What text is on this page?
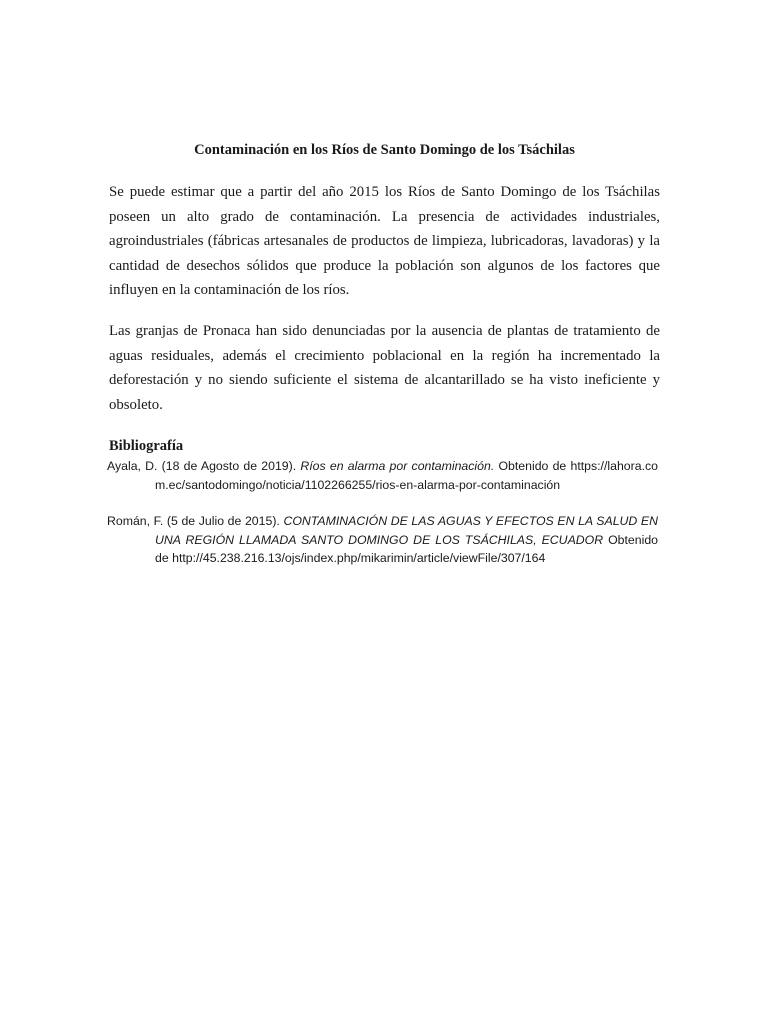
Contaminación en los Ríos de Santo Domingo de los Tsáchilas

Se puede estimar que a partir del año 2015 los Ríos de Santo Domingo de los Tsáchilas poseen un alto grado de contaminación. La presencia de actividades industriales, agroindustriales (fábricas artesanales de productos de limpieza, lubricadoras, lavadoras) y la cantidad de desechos sólidos que produce la población son algunos de los factores que influyen en la contaminación de los ríos.

Las granjas de Pronaca han sido denunciadas por la ausencia de plantas de tratamiento de aguas residuales, además el crecimiento poblacional en la región ha incrementado la deforestación y no siendo suficiente el sistema de alcantarillado se ha visto ineficiente y obsoleto.

Bibliografía

Ayala, D. (18 de Agosto de 2019). Ríos en alarma por contaminación. Obtenido de https://lahora.com.ec/santodomingo/noticia/1102266255/rios-en-alarma-por-contaminación

Román, F. (5 de Julio de 2015). CONTAMINACIÓN DE LAS AGUAS Y EFECTOS EN LA SALUD EN UNA REGIÓN LLAMADA SANTO DOMINGO DE LOS TSÁCHILAS, ECUADOR Obtenido de http://45.238.216.13/ojs/index.php/mikarimin/article/viewFile/307/164
